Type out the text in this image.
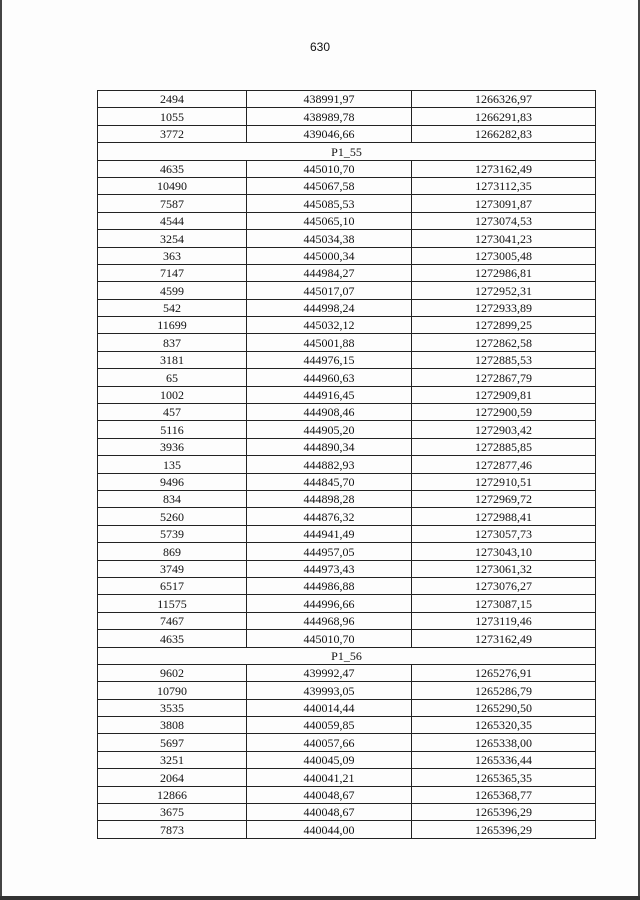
630
2494	438991,97	1266326,97
1055	438989,78	1266291,83
3772	439046,66	1266282,83
P1_55		
4635	445010,70	1273162,49
10490	445067,58	1273112,35
7587	445085,53	1273091,87
4544	445065,10	1273074,53
3254	445034,38	1273041,23
363	445000,34	1273005,48
7147	444984,27	1272986,81
4599	445017,07	1272952,31
542	444998,24	1272933,89
11699	445032,12	1272899,25
837	445001,88	1272862,58
3181	444976,15	1272885,53
65	444960,63	1272867,79
1002	444916,45	1272909,81
457	444908,46	1272900,59
5116	444905,20	1272903,42
3936	444890,34	1272885,85
135	444882,93	1272877,46
9496	444845,70	1272910,51
834	444898,28	1272969,72
5260	444876,32	1272988,41
5739	444941,49	1273057,73
869	444957,05	1273043,10
3749	444973,43	1273061,32
6517	444986,88	1273076,27
11575	444996,66	1273087,15
7467	444968,96	1273119,46
4635	445010,70	1273162,49
P1_56		
9602	439992,47	1265276,91
10790	439993,05	1265286,79
3535	440014,44	1265290,50
3808	440059,85	1265320,35
5697	440057,66	1265338,00
3251	440045,09	1265336,44
2064	440041,21	1265365,35
12866	440048,67	1265368,77
3675	440048,67	1265396,29
7873	440044,00	1265396,29
